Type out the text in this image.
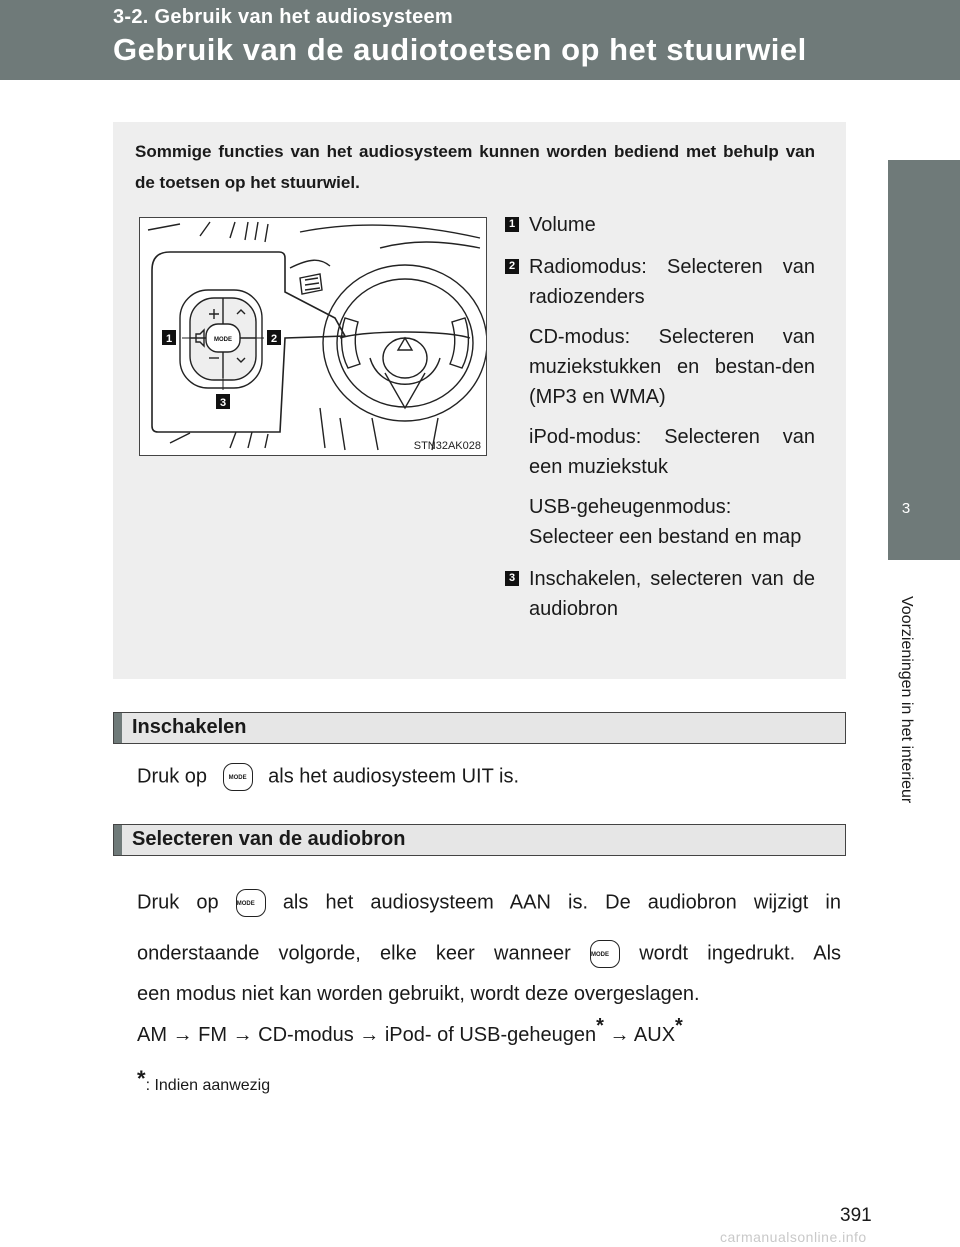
3-2. Gebruik van het audiosysteem
Gebruik van de audiotoetsen op het stuurwiel
3
Voorzieningen in het interieur
Sommige functies van het audiosysteem kunnen worden bediend met behulp van de toetsen op het stuurwiel.
MODE
1	2
3
STN32AK028
1 Volume

2 Radiomodus: Selecteren van radiozenders

CD-modus: Selecteren van muziekstukken en bestan-den (MP3 en WMA)

iPod-modus: Selecteren van een muziekstuk

USB-geheugenmodus: Selecteer een bestand en map

3 Inschakelen, selecteren van de audiobron

Inschakelen
Druk op	MODE als het audiosysteem UIT is.
Selecteren van de audiobron
Druk op	MODE als het audiosysteem AAN is. De audiobron wijzigt in
onderstaande volgorde, elke keer wanneer	MODE wordt ingedrukt. Als
een modus niet kan worden gebruikt, wordt deze overgeslagen.
AM → FM → CD-modus → iPod- of USB-geheugen* → AUX*
*: Indien aanwezig
391
carmanualsonline.info
